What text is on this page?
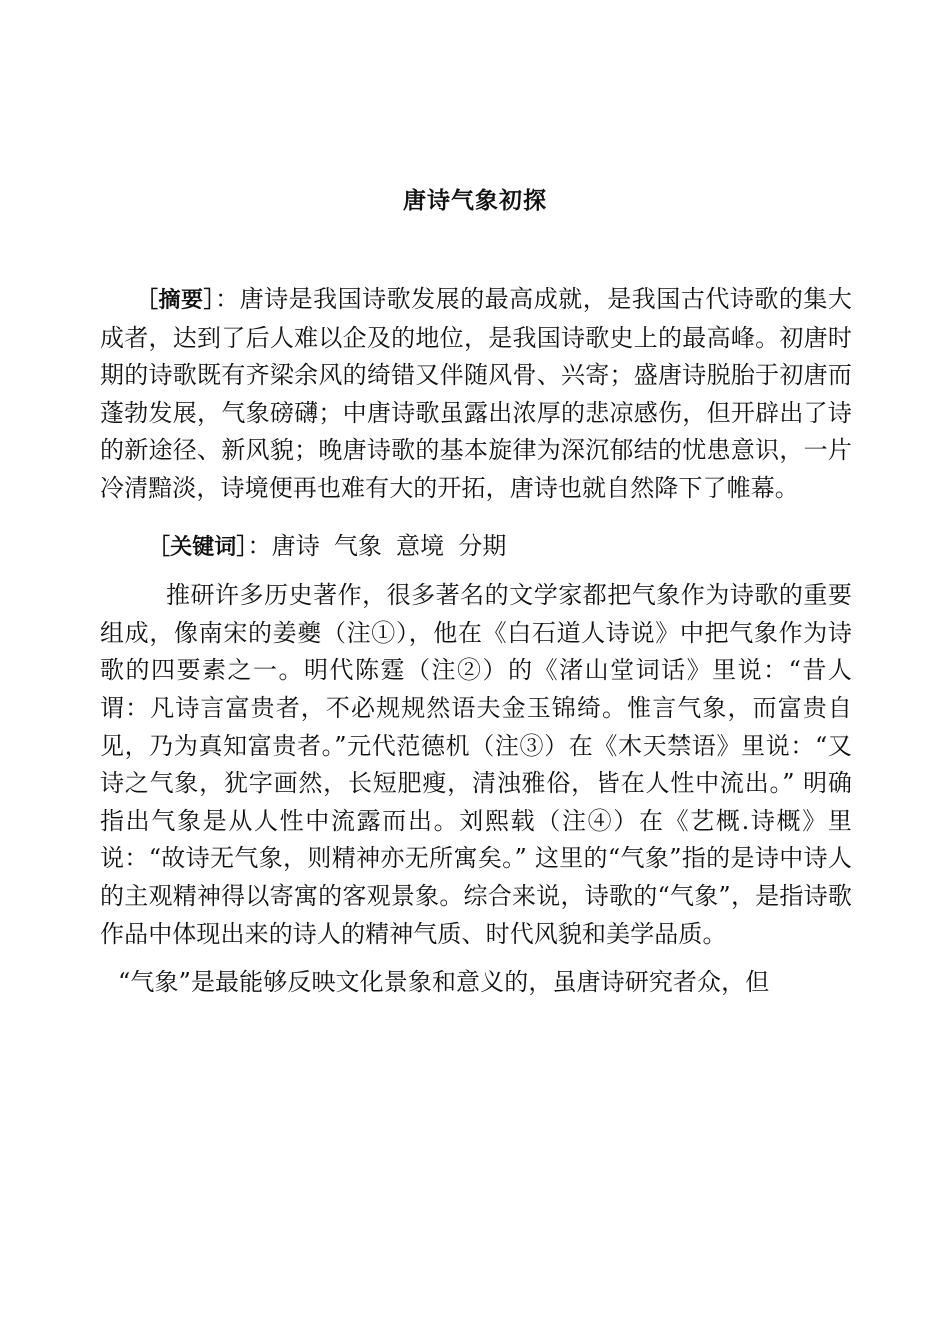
唐诗气象初探

［摘要］：唐诗是我国诗歌发展的最高成就，是我国古代诗歌的集大成者，达到了后人难以企及的地位，是我国诗歌史上的最高峰。初唐时期的诗歌既有齐梁余风的绮错又伴随风骨、兴寄；盛唐诗脱胎于初唐而蓬勃发展，气象磅礴；中唐诗歌虽露出浓厚的悲凉感伤，但开辟出了诗的新途径、新风貌；晚唐诗歌的基本旋律为深沉郁结的忧患意识，一片冷清黯淡，诗境便再也难有大的开拓，唐诗也就自然降下了帷幕。

［关键词］：唐诗 气象 意境 分期

推研许多历史著作，很多著名的文学家都把气象作为诗歌的重要组成，像南宋的姜夔（注①），他在《白石道人诗说》中把气象作为诗歌的四要素之一。明代陈霆（注②）的《渚山堂词话》里说：“昔人谓：凡诗言富贵者，不必规规然语夫金玉锦绮。惟言气象，而富贵自见，乃为真知富贵者。”元代范德机（注③）在《木天禁语》里说：“又诗之气象，犹字画然，长短肥瘦，清浊雅俗，皆在人性中流出。” 明确指出气象是从人性中流露而出。刘熙载（注④）在《艺概.诗概》里说：“故诗无气象，则精神亦无所寓矣。” 这里的“气象”指的是诗中诗人的主观精神得以寄寓的客观景象。综合来说，诗歌的“气象”，是指诗歌作品中体现出来的诗人的精神气质、时代风貌和美学品质。

“气象”是最能够反映文化景象和意义的，虽唐诗研究者众，但
